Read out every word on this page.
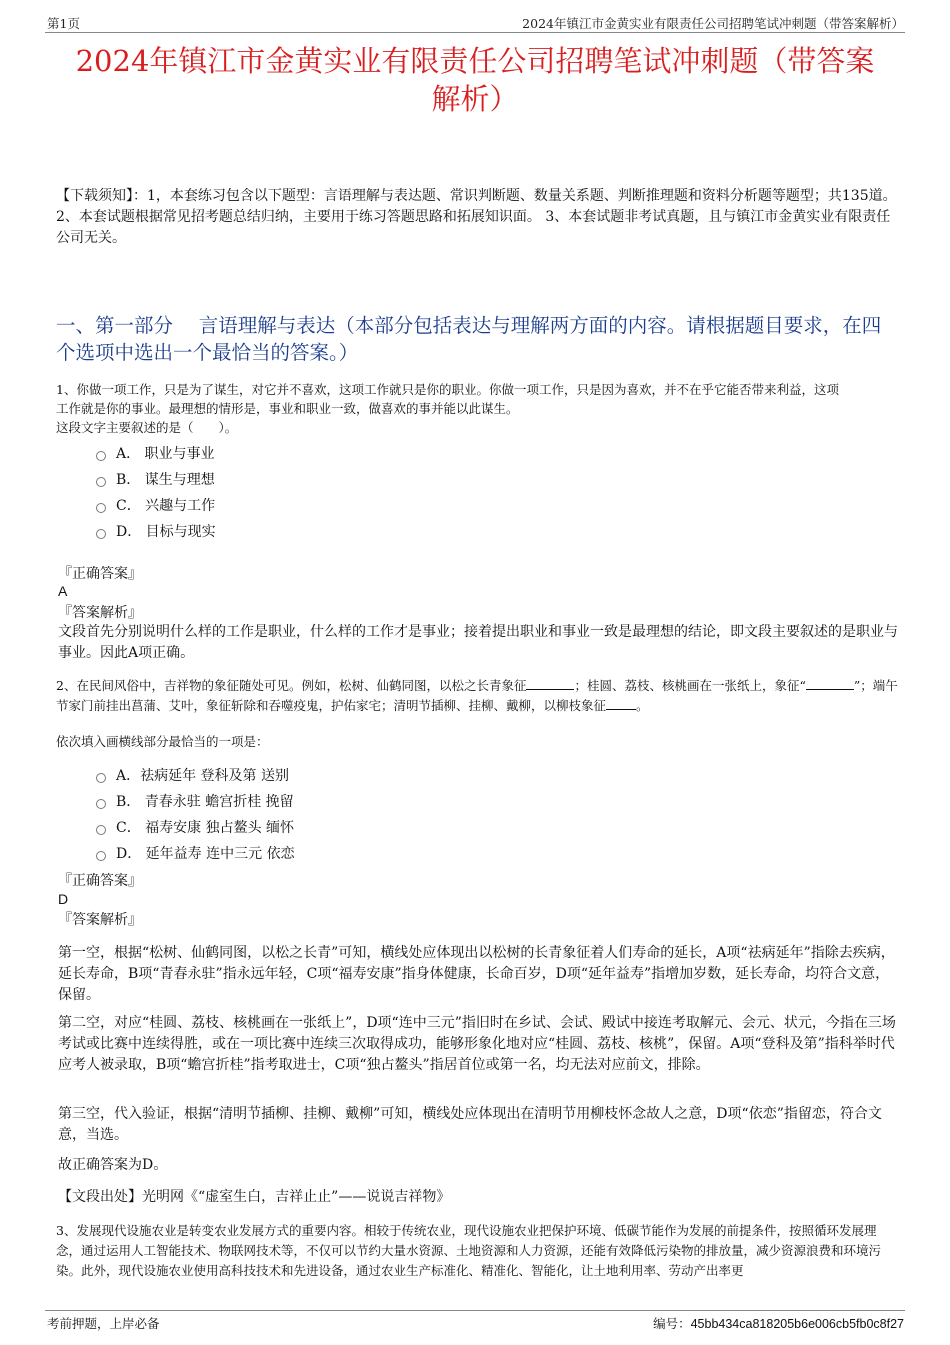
第1页	2024年镇江市金黄实业有限责任公司招聘笔试冲刺题（带答案解析）
2024年镇江市金黄实业有限责任公司招聘笔试冲刺题（带答案
解析）
【下载须知】：1，本套练习包含以下题型：言语理解与表达题、常识判断题、数量关系题、判断推理题和资料分析题等题型；共135道。 2、本套试题根据常见招考题总结归纳，主要用于练习答题思路和拓展知识面。 3、本套试题非考试真题，且与镇江市金黄实业有限责任公司无关。
一、第一部分　 言语理解与表达（本部分包括表达与理解两方面的内容。请根据题目要求，在四个选项中选出一个最恰当的答案。）
1、你做一项工作，只是为了谋生，对它并不喜欢，这项工作就只是你的职业。你做一项工作，只是因为喜欢，并不在乎它能否带来利益，这项
工作就是你的事业。最理想的情形是，事业和职业一致，做喜欢的事并能以此谋生。
这段文字主要叙述的是（　　）。
A． 职业与事业
B． 谋生与理想
C． 兴趣与工作
D． 目标与现实
『正确答案』
A
『答案解析』
文段首先分别说明什么样的工作是职业，什么样的工作才是事业；接着提出职业和事业一致是最理想的结论，即文段主要叙述的是职业与事业。因此A项正确。
2、在民间风俗中，吉祥物的象征随处可见。例如，松树、仙鹤同图，以松之长青象征	；桂圆、荔枝、核桃画在一张纸上，象征“	”；端午节家门前挂出菖蒲、艾叶，象征斩除和吞噬疫鬼，护佑家宅；清明节插柳、挂柳、戴柳，以柳枝象征 。
依次填入画横线部分最恰当的一项是：
A．祛病延年 登科及第 送别
B． 青春永驻 蟾宫折桂 挽留
C． 福寿安康 独占鳌头 缅怀
D． 延年益寿 连中三元 依恋
『正确答案』
D
『答案解析』
第一空，根据“松树、仙鹤同图，以松之长青”可知，横线处应体现出以松树的长青象征着人们寿命的延长，A项“祛病延年”指除去疾病，延长寿命，B项“青春永驻”指永远年轻，C项“福寿安康”指身体健康，长命百岁，D项“延年益寿”指增加岁数，延长寿命，均符合文意，保留。
第二空，对应“桂圆、荔枝、核桃画在一张纸上”，D项“连中三元”指旧时在乡试、会试、殿试中接连考取解元、会元、状元，今指在三场考试或比赛中连续得胜，或在一项比赛中连续三次取得成功，能够形象化地对应“桂圆、荔枝、核桃”，保留。A项“登科及第”指科举时代应考人被录取，B项“蟾宫折桂”指考取进士，C项“独占鳌头”指居首位或第一名，均无法对应前文，排除。
第三空，代入验证，根据“清明节插柳、挂柳、戴柳”可知，横线处应体现出在清明节用柳枝怀念故人之意，D项“依恋”指留恋，符合文意，当选。
故正确答案为D。
【文段出处】光明网《“虚室生白，吉祥止止”——说说吉祥物》
3、发展现代设施农业是转变农业发展方式的重要内容。相较于传统农业，现代设施农业把保护环境、低碳节能作为发展的前提条件，按照循环发展理念，通过运用人工智能技术、物联网技术等，不仅可以节约大量水资源、土地资源和人力资源，还能有效降低污染物的排放量，减少资源浪费和环境污染。此外，现代设施农业使用高科技技术和先进设备，通过农业生产标准化、精准化、智能化，让土地利用率、劳动产出率更
考前押题，上岸必备	编号：45bb434ca818205b6e006cb5fb0c8f27
